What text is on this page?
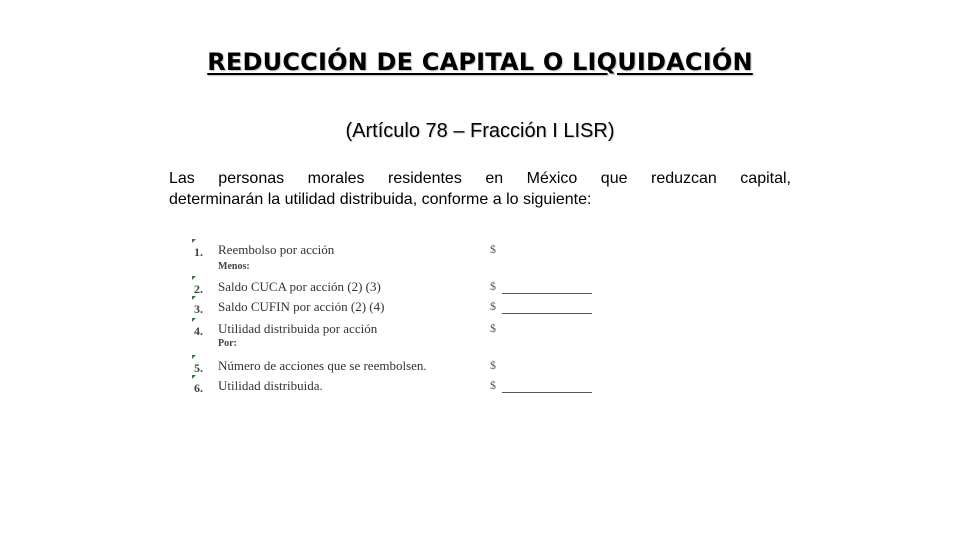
REDUCCIÓN DE CAPITAL O LIQUIDACIÓN
(Artículo 78 – Fracción I LISR)
Las personas morales residentes en México que reduzcan capital,
determinarán la utilidad distribuida, conforme a lo siguiente:
1. Reembolso por acción	$
Menos:
2. Saldo CUCA por acción (2) (3)	$
3. Saldo CUFIN por acción (2) (4)	$
4. Utilidad distribuida por acción	$
Por:
5. Número de acciones que se reembolsen.	$
6. Utilidad distribuida.	$
